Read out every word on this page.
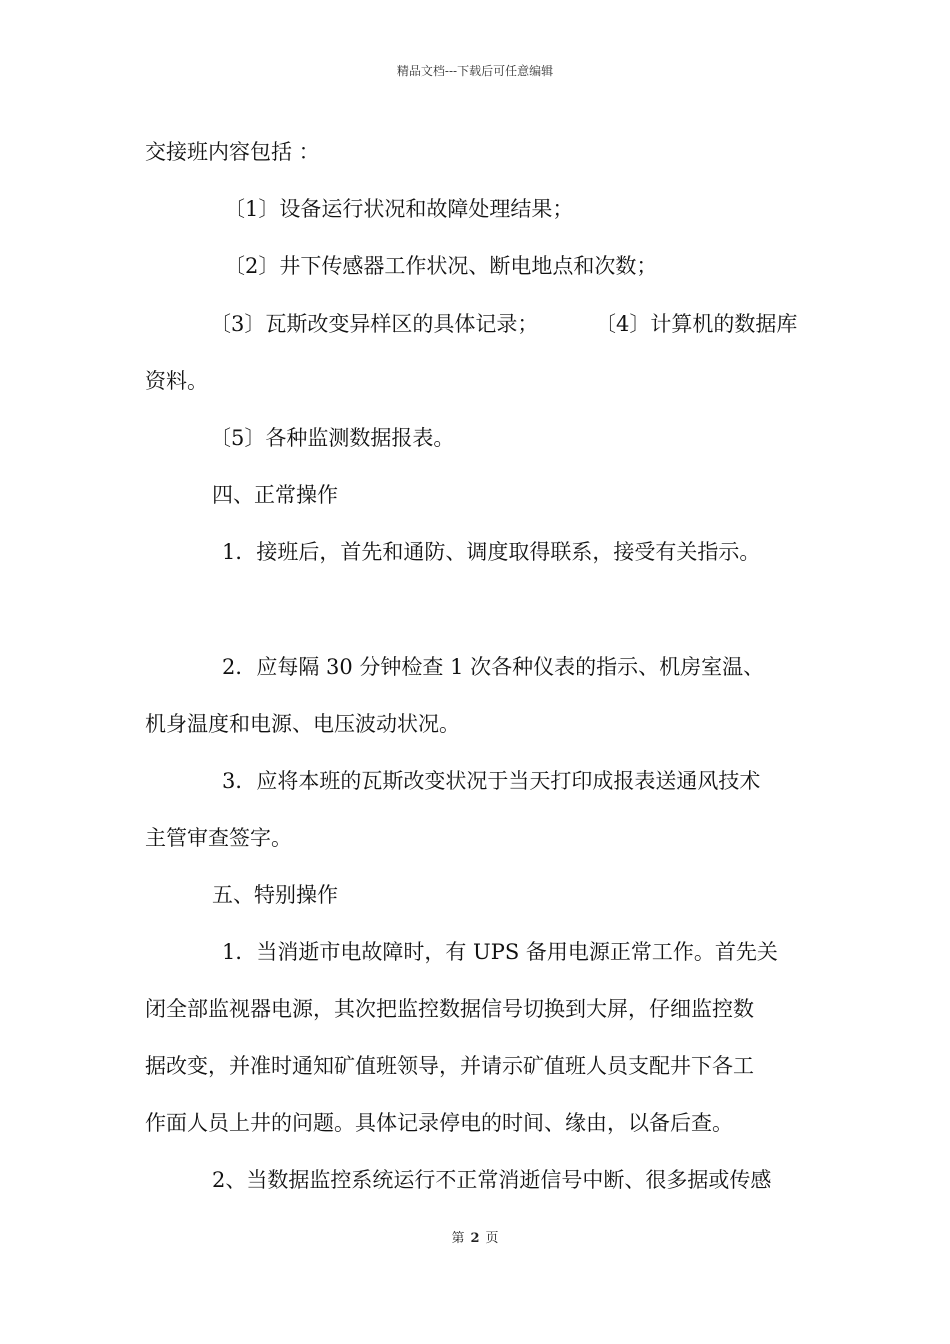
精品文档---下载后可任意编辑
交接班内容包括 ：
〔1〕设备运行状况和故障处理结果；
〔2〕井下传感器工作状况、断电地点和次数；
〔3〕瓦斯改变异样区的具体记录；	〔4〕计算机的数据库
资料。
〔5〕各种监测数据报表。
四、正常操作
1．接班后，首先和通防、调度取得联系，接受有关指示。
2．应每隔 30 分钟检查 1 次各种仪表的指示、机房室温、
机身温度和电源、电压波动状况。
3．应将本班的瓦斯改变状况于当天打印成报表送通风技术
主管审查签字。
五、特别操作
1．当消逝市电故障时，有 UPS 备用电源正常工作。首先关
闭全部监视器电源，其次把监控数据信号切换到大屏，仔细监控数
据改变，并准时通知矿值班领导，并请示矿值班人员支配井下各工
作面人员上井的问题。具体记录停电的时间、缘由，以备后查。
2、当数据监控系统运行不正常消逝信号中断、很多据或传感
第 2 页
